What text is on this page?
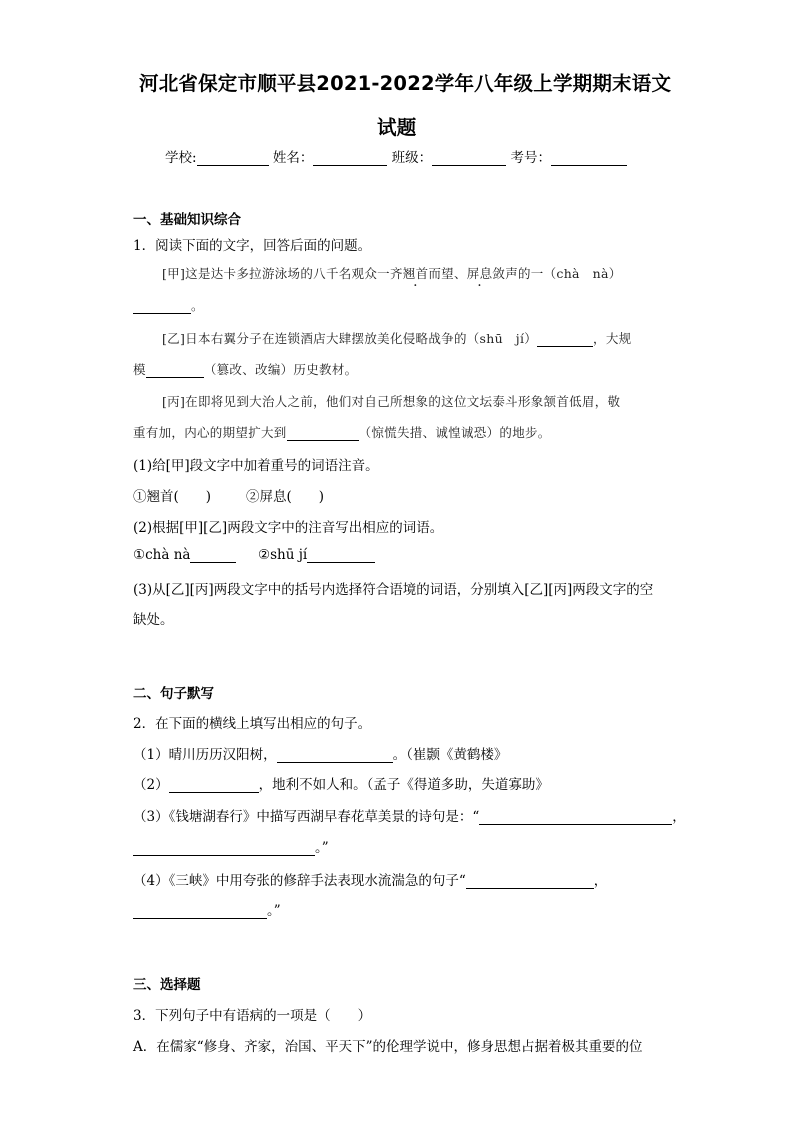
河北省保定市顺平县2021-2022学年八年级上学期期末语文
试题
学校:	姓名：	班级：	考号：
一、基础知识综合
1．阅读下面的文字，回答后面的问题。
[甲]这是达卡多拉游泳场的八千名观众一齐翘首而望、屏息敛声的一（chà　nà）
。
[乙]日本右翼分子在连锁酒店大肆摆放美化侵略战争的（shū　jí）	，大规
模	（篡改、改编）历史教材。
[丙]在即将见到大治人之前，他们对自己所想象的这位文坛泰斗形象颔首低眉，敬
重有加，内心的期望扩大到	（惊慌失措、诚惶诚恐）的地步。
(1)给[甲]段文字中加着重号的词语注音。
①翘首(　　)	②屏息(　　)
(2)根据[甲][乙]两段文字中的注音写出相应的词语。
①chà nà	②shū jí
(3)从[乙][丙]两段文字中的括号内选择符合语境的词语，分别填入[乙][丙]两段文字的空
缺处。
二、句子默写
2．在下面的横线上填写出相应的句子。
（1）晴川历历汉阳树，	。（崔颢《黄鹤楼》
（2）	，地利不如人和。（孟子《得道多助，失道寡助》
（3）《钱塘湖春行》中描写西湖早春花草美景的诗句是：“	，
。”
（4）《三峡》中用夸张的修辞手法表现水流湍急的句子“	，
。”
三、选择题
3．下列句子中有语病的一项是（　　）
A．在儒家“修身、齐家，治国、平天下”的伦理学说中，修身思想占据着极其重要的位
